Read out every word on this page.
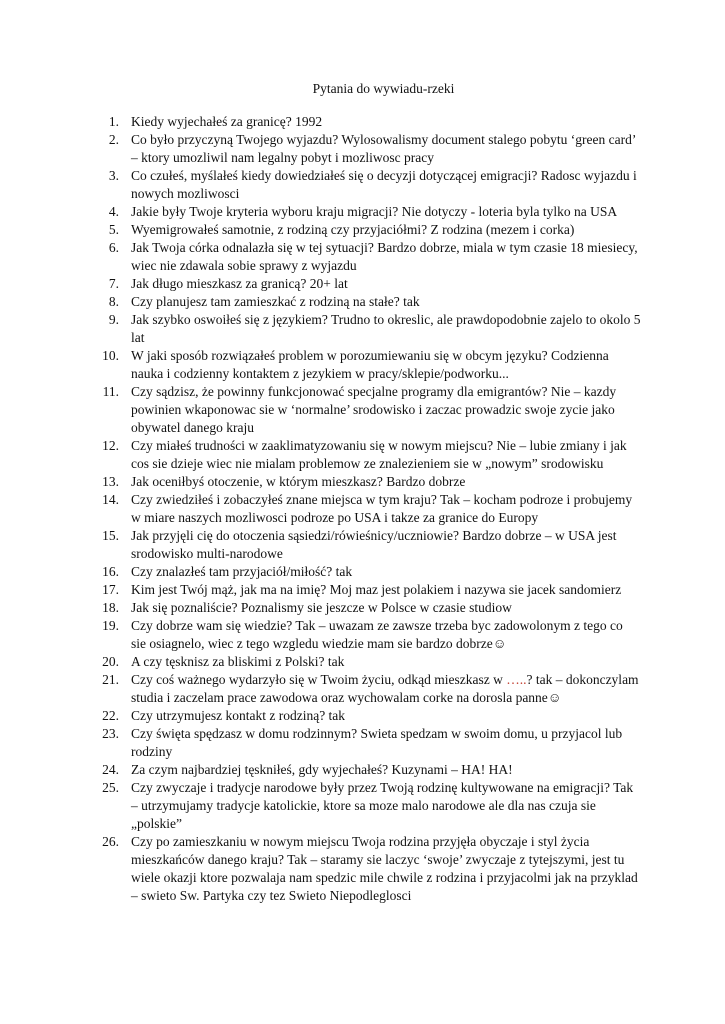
Pytania do wywiadu-rzeki
1. Kiedy wyjechałeś za granicę? 1992
2. Co było przyczyną Twojego wyjazdu? Wylosowalismy document stalego pobytu ‘green card’ – ktory umozliwil nam legalny pobyt i mozliwosc pracy
3. Co czułeś, myślałeś kiedy dowiedziałeś się o decyzji dotyczącej emigracji? Radosc wyjazdu i nowych mozliwosci
4. Jakie były Twoje kryteria wyboru kraju migracji? Nie dotyczy - loteria byla tylko na USA
5. Wyemigrowałeś samotnie, z rodziną czy przyjaciółmi? Z rodzina (mezem i corka)
6. Jak Twoja córka odnalazła się w tej sytuacji? Bardzo dobrze, miala w tym czasie 18 miesiecy, wiec nie zdawala sobie sprawy z wyjazdu
7. Jak długo mieszkasz za granicą? 20+ lat
8. Czy planujesz tam zamieszkać z rodziną na stałe? tak
9. Jak szybko oswoiłeś się z językiem? Trudno to okreslic, ale prawdopodobnie zajelo to okolo 5 lat
10. W jaki sposób rozwiązałeś problem w porozumiewaniu się w obcym języku? Codzienna nauka i codzienny kontaktem z jezykiem w pracy/sklepie/podworku...
11. Czy sądzisz, że powinny funkcjonować specjalne programy dla emigrantów? Nie – kazdy powinien wkaponowac sie w ‘normalne’ srodowisko i zaczac prowadzic swoje zycie jako obywatel danego kraju
12. Czy miałeś trudności w zaaklimatyzowaniu się w nowym miejscu? Nie – lubie zmiany i jak cos sie dzieje wiec nie mialam problemow ze znalezieniem sie w „nowym” srodowisku
13. Jak oceniłbyś otoczenie, w którym mieszkasz? Bardzo dobrze
14. Czy zwiedziłeś i zobaczyłeś znane miejsca w tym kraju? Tak – kocham podroze i probujemy w miare naszych mozliwosci podroze po USA i takze za granice do Europy
15. Jak przyjęli cię do otoczenia sąsiedzi/rówieśnicy/uczniowie? Bardzo dobrze – w USA jest srodowisko multi-narodowe
16. Czy znalazłeś tam przyjaciół/miłość? tak
17. Kim jest Twój mąż, jak ma na imię? Moj maz jest polakiem i nazywa sie jacek sandomierz
18. Jak się poznaliście? Poznalismy sie jeszcze w Polsce w czasie studiow
19. Czy dobrze wam się wiedzie? Tak – uwazam ze zawsze trzeba byc zadowolonym z tego co sie osiagnelo, wiec z tego wzgledu wiedzie mam sie bardzo dobrze☺
20. A czy tęsknisz za bliskimi z Polski? tak
21. Czy coś ważnego wydarzyło się w Twoim życiu, odkąd mieszkasz w …..? tak – dokonczylam studia i zaczelam prace zawodowa oraz wychowalam corke na dorosla panne☺
22. Czy utrzymujesz kontakt z rodziną? tak
23. Czy święta spędzasz w domu rodzinnym? Swieta spedzam w swoim domu, u przyjacol lub rodziny
24. Za czym najbardziej tęskniłeś, gdy wyjechałeś? Kuzynami – HA! HA!
25. Czy zwyczaje i tradycje narodowe były przez Twoją rodzinę kultywowane na emigracji? Tak – utrzymujamy tradycje katolickie, ktore sa moze malo narodowe ale dla nas czuja sie „polskie”
26. Czy po zamieszkaniu w nowym miejscu Twoja rodzina przyjęła obyczaje i styl życia mieszkańców danego kraju? Tak – staramy sie laczyc ‘swoje’ zwyczaje z tytejszymi, jest tu wiele okazji ktore pozwalaja nam spedzic mile chwile z rodzina i przyjacolmi jak na przyklad – swieto Sw. Partyka czy tez Swieto Niepodleglosci
